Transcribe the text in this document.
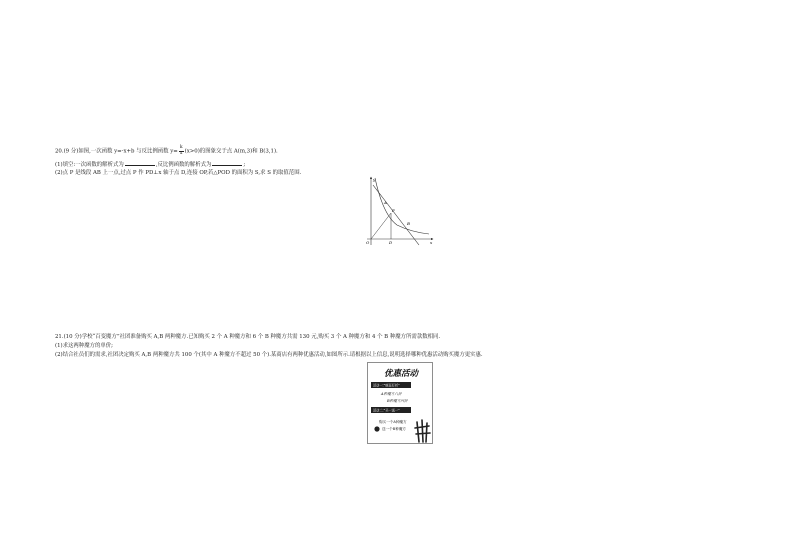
20.(9 分)如图,一次函数 y=-x+b 与反比例函数 $y= \frac{k}{x} (x>0)$的图象交于点 A(m,3)和 B(3,1).
(1)填空:一次函数的解析式为	,反比例函数的解析式为	;
(2)点 P 是线段 AB 上一点,过点 P 作 PD⊥x 轴于点 D,连接 OP,若△POD 的面积为 S,求 S 的取值范围.
y
x
O
A
P
B
D
21.(10 分)学校“百变魔方”社团准备购买 A,B 两种魔方.已知购买 2 个 A 种魔方和 6 个 B 种魔方共需 130 元,购买 3 个 A 种魔方和 4 个 B 种魔方所需款数相同.
(1)求这两种魔方的单价;
(2)结合社员们的需求,社团决定购买 A,B 两种魔方共 100 个(其中 A 种魔方不超过 50 个).某商店有两种优惠活动,如图所示.请根据以上信息,说明选择哪种优惠活动购买魔方更实惠.
优惠活动
活动一:“疯狂打折”
A种魔方八折
B种魔方四折
活动二:“买一送一”
购买一个A种魔方
送一个B种魔方
